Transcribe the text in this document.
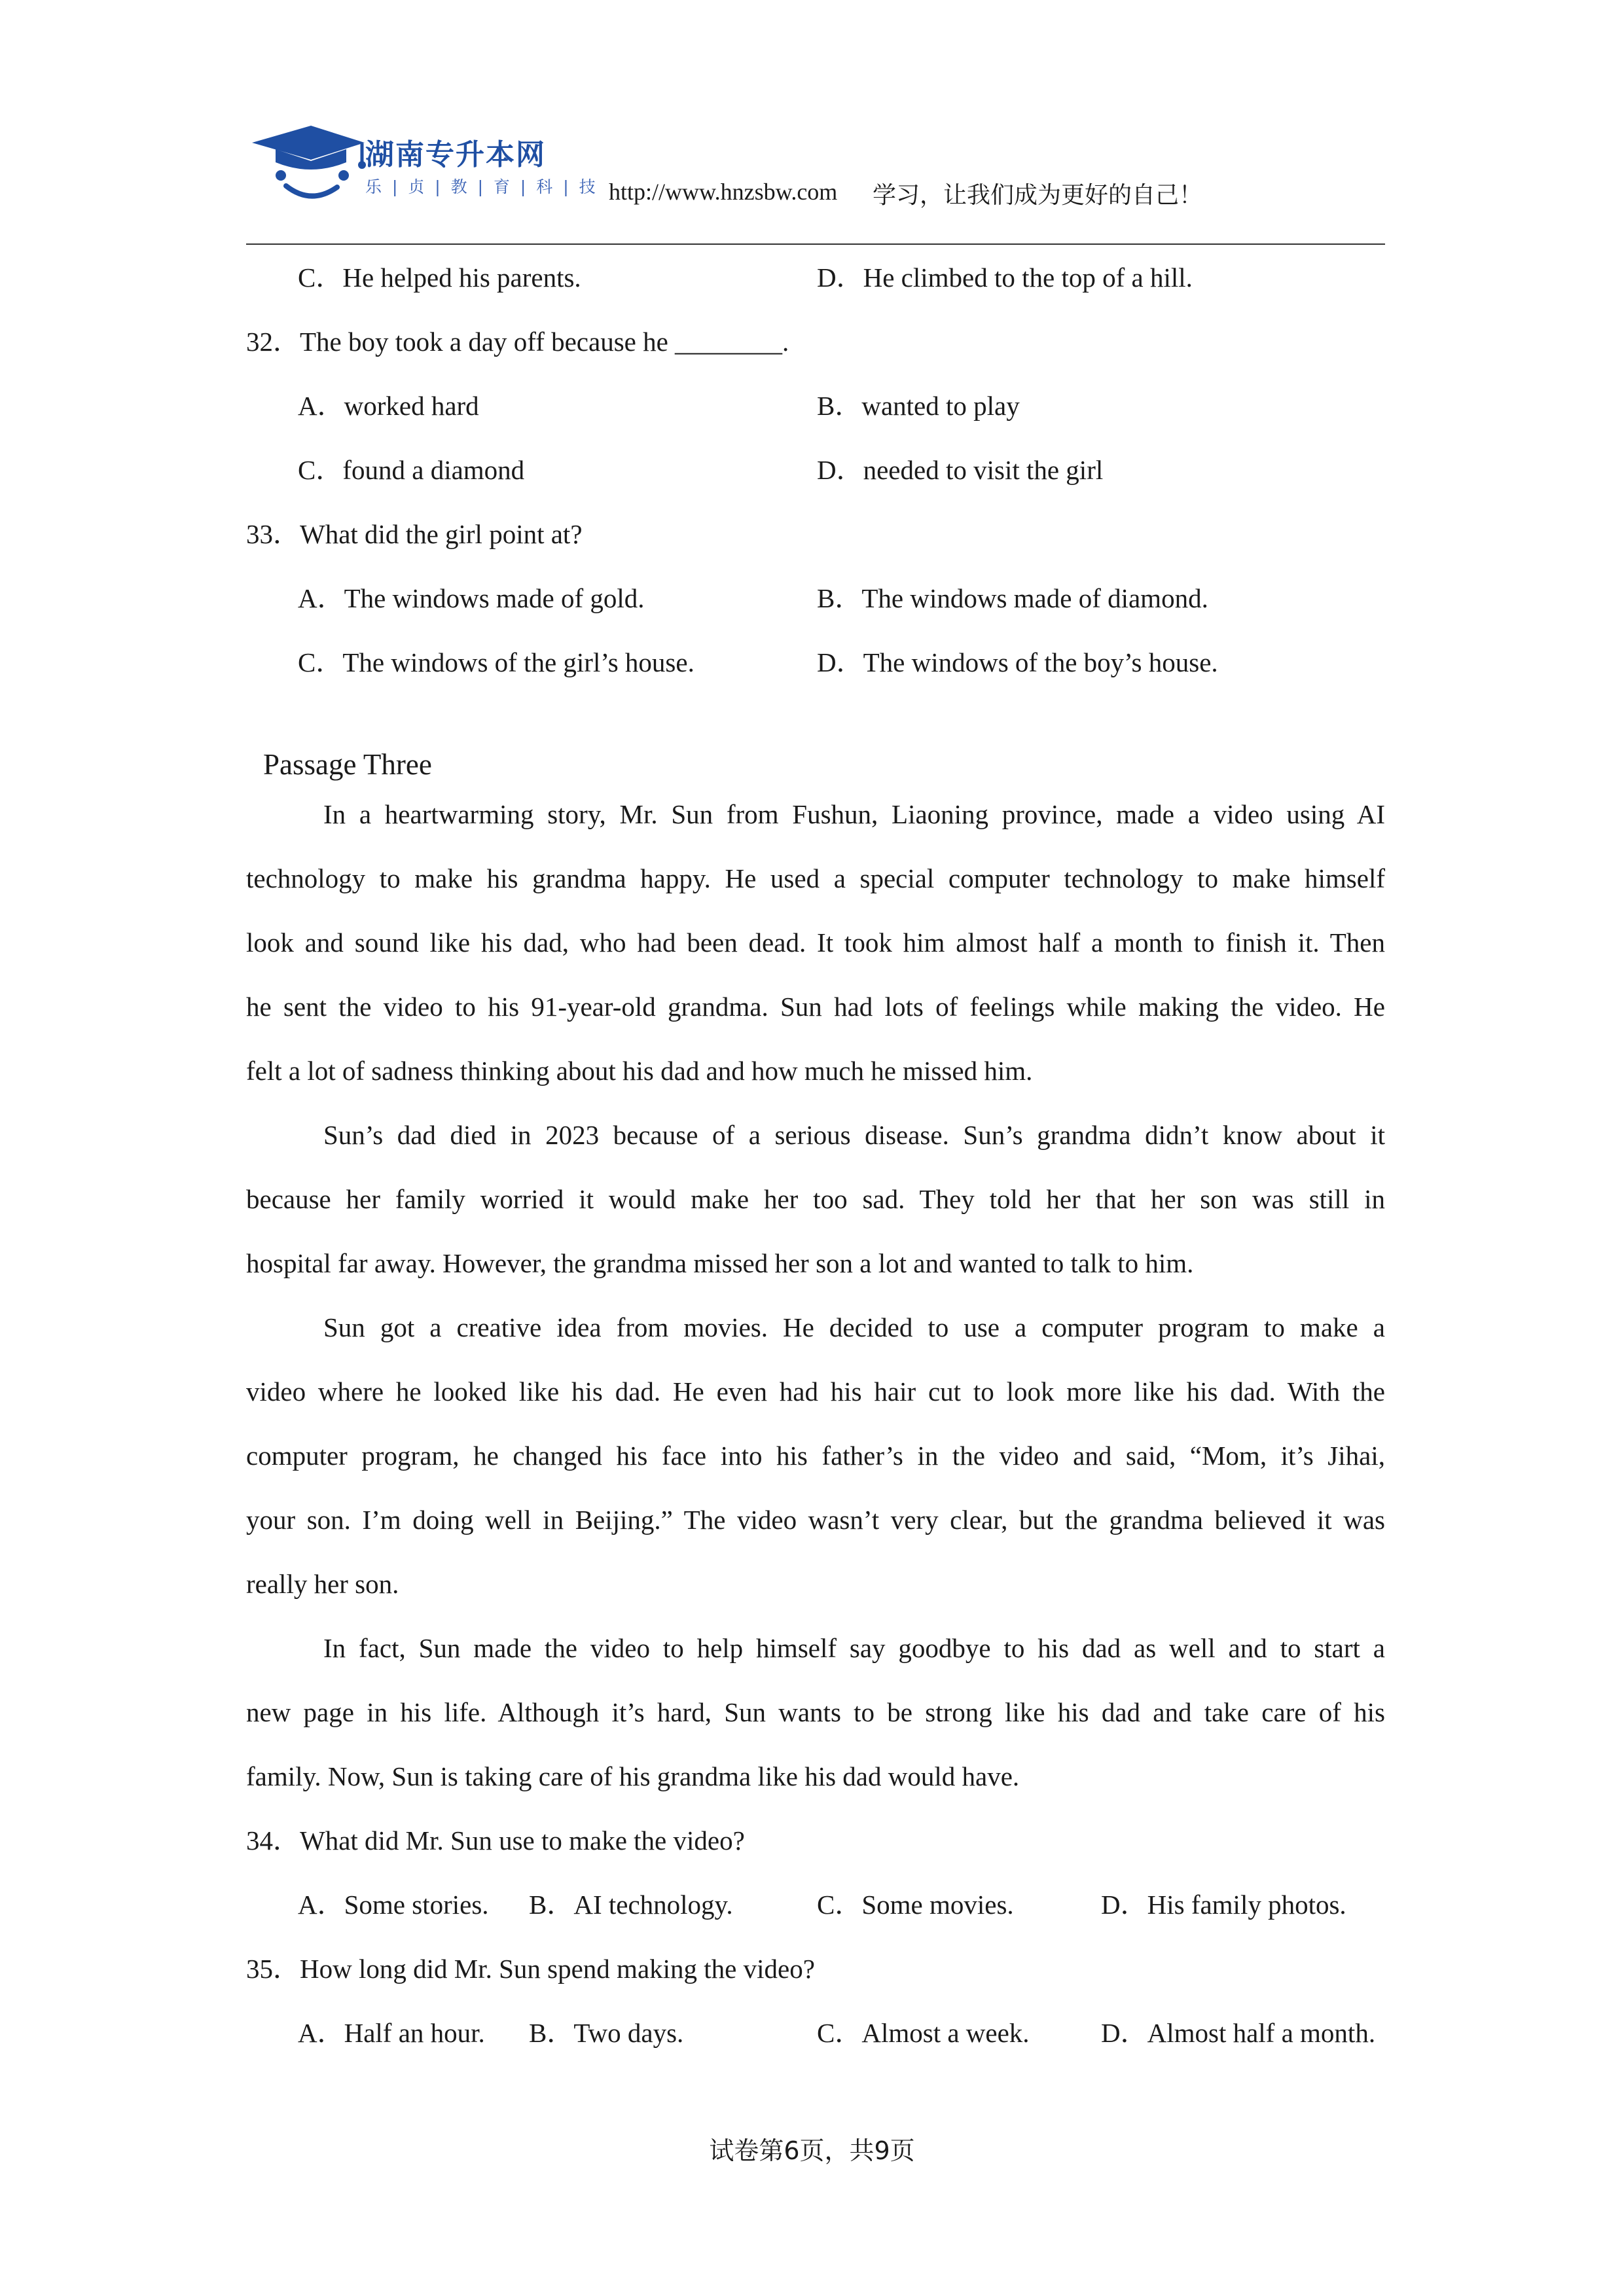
湖南专升本网
乐 | 贞 | 教 | 育 | 科 | 技 http://www.hnzsbw.com 学习，让我们成为更好的自己！
C．He helped his parents.	D．He climbed to the top of a hill.
32．The boy took a day off because he ________.
A．worked hard	B．wanted to play
C．found a diamond	D．needed to visit the girl
33．What did the girl point at?
A．The windows made of gold.	B．The windows made of diamond.
C．The windows of the girl’s house.	D．The windows of the boy’s house.
Passage Three
In a heartwarming story, Mr. Sun from Fushun, Liaoning province, made a video using AI
technology to make his grandma happy. He used a special computer technology to make himself
look and sound like his dad, who had been dead. It took him almost half a month to finish it. Then
he sent the video to his 91-year-old grandma. Sun had lots of feelings while making the video. He
felt a lot of sadness thinking about his dad and how much he missed him.
Sun’s dad died in 2023 because of a serious disease. Sun’s grandma didn’t know about it
because her family worried it would make her too sad. They told her that her son was still in
hospital far away. However, the grandma missed her son a lot and wanted to talk to him.
Sun got a creative idea from movies. He decided to use a computer program to make a
video where he looked like his dad. He even had his hair cut to look more like his dad. With the
computer program, he changed his face into his father’s in the video and said, “Mom, it’s Jihai,
your son. I’m doing well in Beijing.” The video wasn’t very clear, but the grandma believed it was
really her son.
In fact, Sun made the video to help himself say goodbye to his dad as well and to start a
new page in his life. Although it’s hard, Sun wants to be strong like his dad and take care of his
family. Now, Sun is taking care of his grandma like his dad would have.
34．What did Mr. Sun use to make the video?
A．Some stories. B．AI technology.	C．Some movies.	D．His family photos.
35．How long did Mr. Sun spend making the video?
A．Half an hour. B．Two days.	C．Almost a week.	D．Almost half a month.
试卷第6页，共9页
